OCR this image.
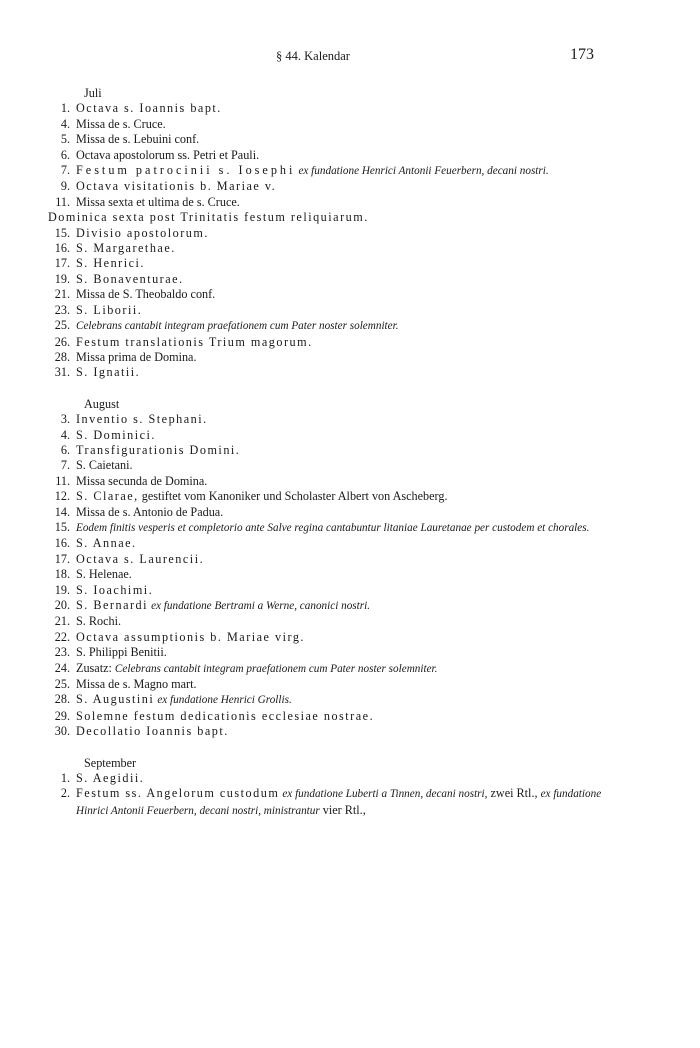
§ 44. Kalendar	173

Juli

1. Octava s. Ioannis bapt.
4. Missa de s. Cruce.
5. Missa de s. Lebuini conf.
6. Octava apostolorum ss. Petri et Pauli.
7. Festum patrocinii s. Iosephi ex fundatione Henrici Antonii Feuerbern, decani nostri.
9. Octava visitationis b. Mariae v.
11. Missa sexta et ultima de s. Cruce.
Dominica sexta post Trinitatis festum reliquiarum.
15. Divisio apostolorum.
16. S. Margarethae.
17. S. Henrici.
19. S. Bonaventurae.
21. Missa de S. Theobaldo conf.
23. S. Liborii.
25. Celebrans cantabit integram praefationem cum Pater noster solemniter.
26. Festum translationis Trium magorum.
28. Missa prima de Domina.
31. S. Ignatii.

August

3. Inventio s. Stephani.
4. S. Dominici.
6. Transfigurationis Domini.
7. S. Caietani.
11. Missa secunda de Domina.
12. S. Clarae, gestiftet vom Kanoniker und Scholaster Albert von Ascheberg.
14. Missa de s. Antonio de Padua.
15. Eodem finitis vesperis et completorio ante Salve regina cantabuntur litaniae Lauretanae per custodem et chorales.
16. S. Annae.
17. Octava s. Laurencii.
18. S. Helenae.
19. S. Ioachimi.
20. S. Bernardi ex fundatione Bertrami a Werne, canonici nostri.
21. S. Rochi.
22. Octava assumptionis b. Mariae virg.
23. S. Philippi Benitii.
24. Zusatz: Celebrans cantabit integram praefationem cum Pater noster solemniter.
25. Missa de s. Magno mart.
28. S. Augustini ex fundatione Henrici Grollis.
29. Solemne festum dedicationis ecclesiae nostrae.
30. Decollatio Ioannis bapt.

September

1. S. Aegidii.
2. Festum ss. Angelorum custodum ex fundatione Luberti a Tinnen, decani nostri, zwei Rtl., ex fundatione Hinrici Antonii Feuerbern, decani nostri, ministrantur vier Rtl.,
